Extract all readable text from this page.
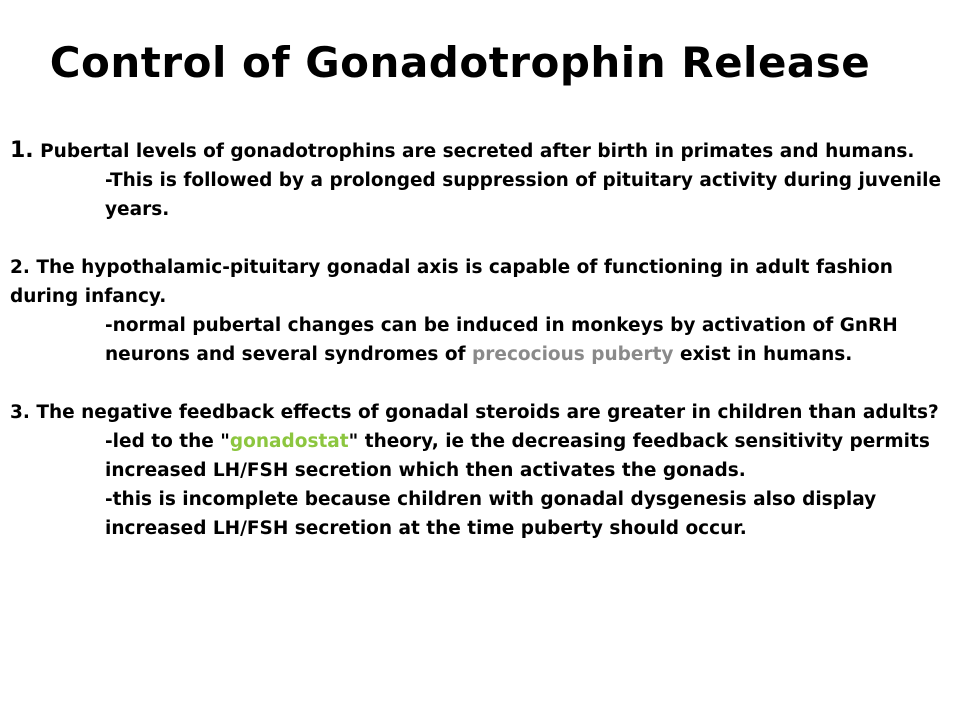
Control of Gonadotrophin Release

1. Pubertal levels of gonadotrophins are secreted after birth in primates and humans.
-This is followed by a prolonged suppression of pituitary activity during juvenile years.

2. The hypothalamic-pituitary gonadal axis is capable of functioning in adult fashion during infancy.
-normal pubertal changes can be induced in monkeys by activation of GnRH neurons and several syndromes of precocious puberty exist in humans.

3. The negative feedback effects of gonadal steroids are greater in children than adults?
-led to the "gonadostat" theory, ie the decreasing feedback sensitivity permits increased LH/FSH secretion which then activates the gonads.
-this is incomplete because children with gonadal dysgenesis also display increased LH/FSH secretion at the time puberty should occur.
